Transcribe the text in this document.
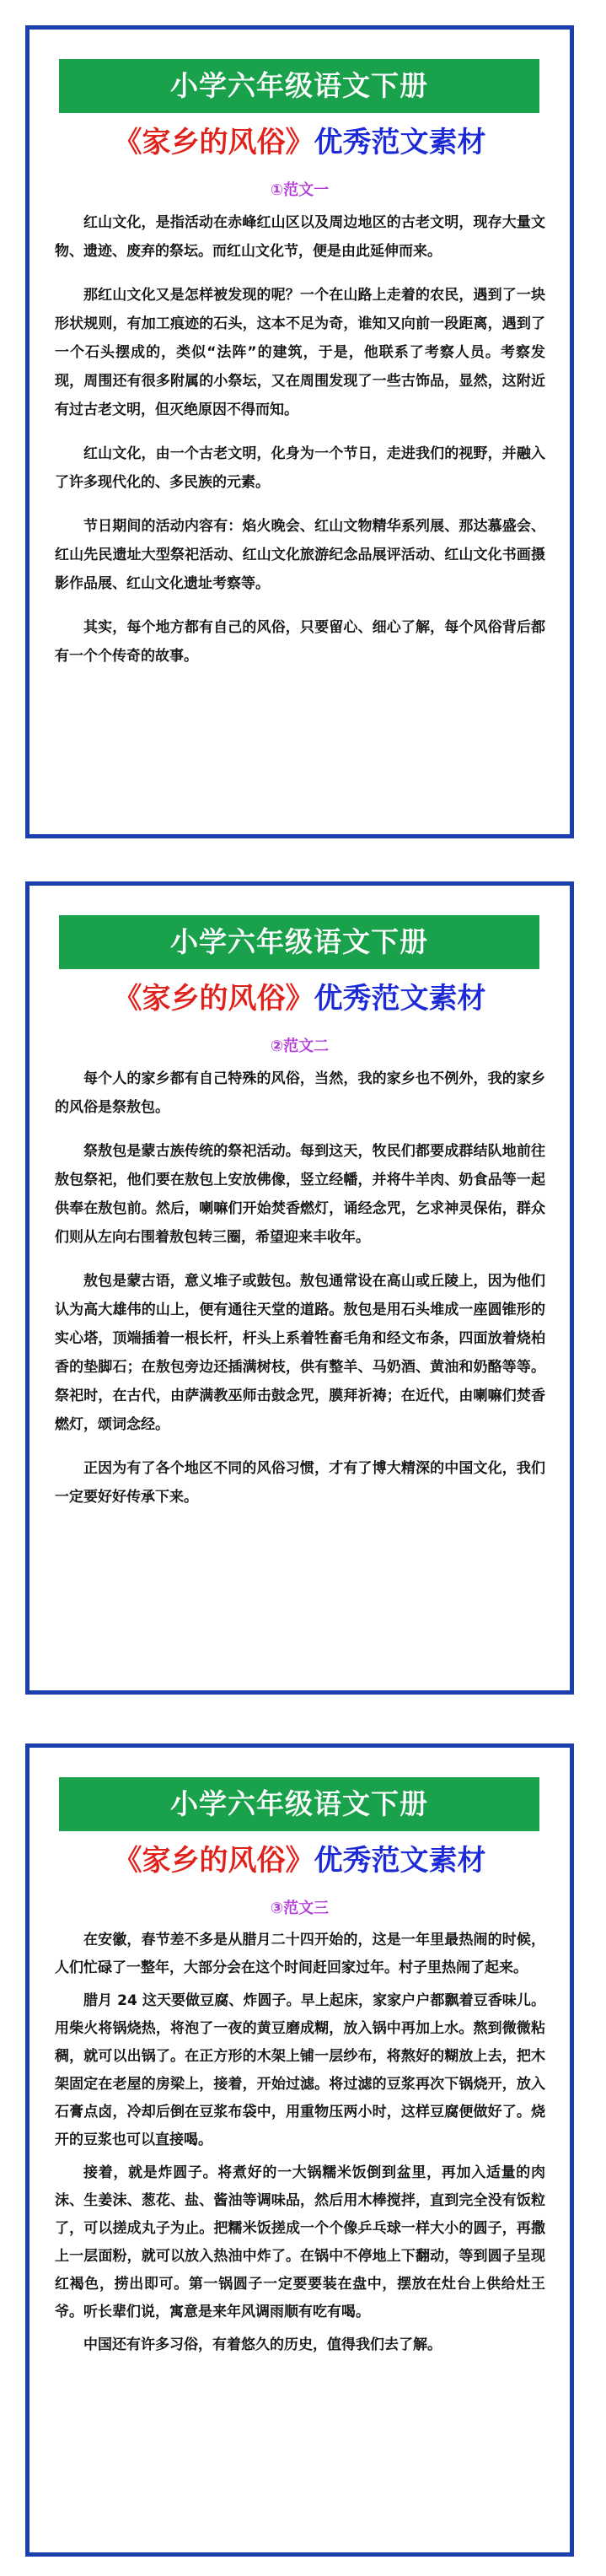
小学六年级语文下册
《家乡的风俗》优秀范文素材
①范文一

红山文化，是指活动在赤峰红山区以及周边地区的古老文明，现存大量文物、遗迹、废弃的祭坛。而红山文化节，便是由此延伸而来。

那红山文化又是怎样被发现的呢？一个在山路上走着的农民，遇到了一块形状规则，有加工痕迹的石头，这本不足为奇，谁知又向前一段距离，遇到了一个石头摆成的，类似“法阵”的建筑，于是，他联系了考察人员。考察发现，周围还有很多附属的小祭坛，又在周围发现了一些古饰品，显然，这附近有过古老文明，但灭绝原因不得而知。

红山文化，由一个古老文明，化身为一个节日，走进我们的视野，并融入了许多现代化的、多民族的元素。

节日期间的活动内容有：焰火晚会、红山文物精华系列展、那达慕盛会、红山先民遗址大型祭祀活动、红山文化旅游纪念品展评活动、红山文化书画摄影作品展、红山文化遗址考察等。

其实，每个地方都有自己的风俗，只要留心、细心了解，每个风俗背后都有一个个传奇的故事。

小学六年级语文下册
《家乡的风俗》优秀范文素材
②范文二

每个人的家乡都有自己特殊的风俗，当然，我的家乡也不例外，我的家乡的风俗是祭敖包。

祭敖包是蒙古族传统的祭祀活动。每到这天，牧民们都要成群结队地前往敖包祭祀，他们要在敖包上安放佛像，竖立经幡，并将牛羊肉、奶食品等一起供奉在敖包前。然后，喇嘛们开始焚香燃灯，诵经念咒，乞求神灵保佑，群众们则从左向右围着敖包转三圈，希望迎来丰收年。

敖包是蒙古语，意义堆子或鼓包。敖包通常设在高山或丘陵上，因为他们认为高大雄伟的山上，便有通往天堂的道路。敖包是用石头堆成一座圆锥形的实心塔，顶端插着一根长杆，杆头上系着牲畜毛角和经文布条，四面放着烧柏香的垫脚石；在敖包旁边还插满树枝，供有整羊、马奶酒、黄油和奶酪等等。祭祀时，在古代，由萨满教巫师击鼓念咒，膜拜祈祷；在近代，由喇嘛们焚香燃灯，颂词念经。

正因为有了各个地区不同的风俗习惯，才有了博大精深的中国文化，我们一定要好好传承下来。

小学六年级语文下册
《家乡的风俗》优秀范文素材
③范文三

在安徽，春节差不多是从腊月二十四开始的，这是一年里最热闹的时候，人们忙碌了一整年，大部分会在这个时间赶回家过年。村子里热闹了起来。

腊月 24 这天要做豆腐、炸圆子。早上起床，家家户户都飘着豆香味儿。用柴火将锅烧热，将泡了一夜的黄豆磨成糊，放入锅中再加上水。熬到微微粘稠，就可以出锅了。在正方形的木架上铺一层纱布，将熬好的糊放上去，把木架固定在老屋的房梁上，接着，开始过滤。将过滤的豆浆再次下锅烧开，放入石膏点卤，冷却后倒在豆浆布袋中，用重物压两小时，这样豆腐便做好了。烧开的豆浆也可以直接喝。

接着，就是炸圆子。将煮好的一大锅糯米饭倒到盆里，再加入适量的肉沫、生姜沫、葱花、盐、酱油等调味品，然后用木棒搅拌，直到完全没有饭粒了，可以搓成丸子为止。把糯米饭搓成一个个像乒乓球一样大小的圆子，再撒上一层面粉，就可以放入热油中炸了。在锅中不停地上下翻动，等到圆子呈现红褐色，捞出即可。第一锅圆子一定要要装在盘中，摆放在灶台上供给灶王爷。听长辈们说，寓意是来年风调雨顺有吃有喝。

中国还有许多习俗，有着悠久的历史，值得我们去了解。
